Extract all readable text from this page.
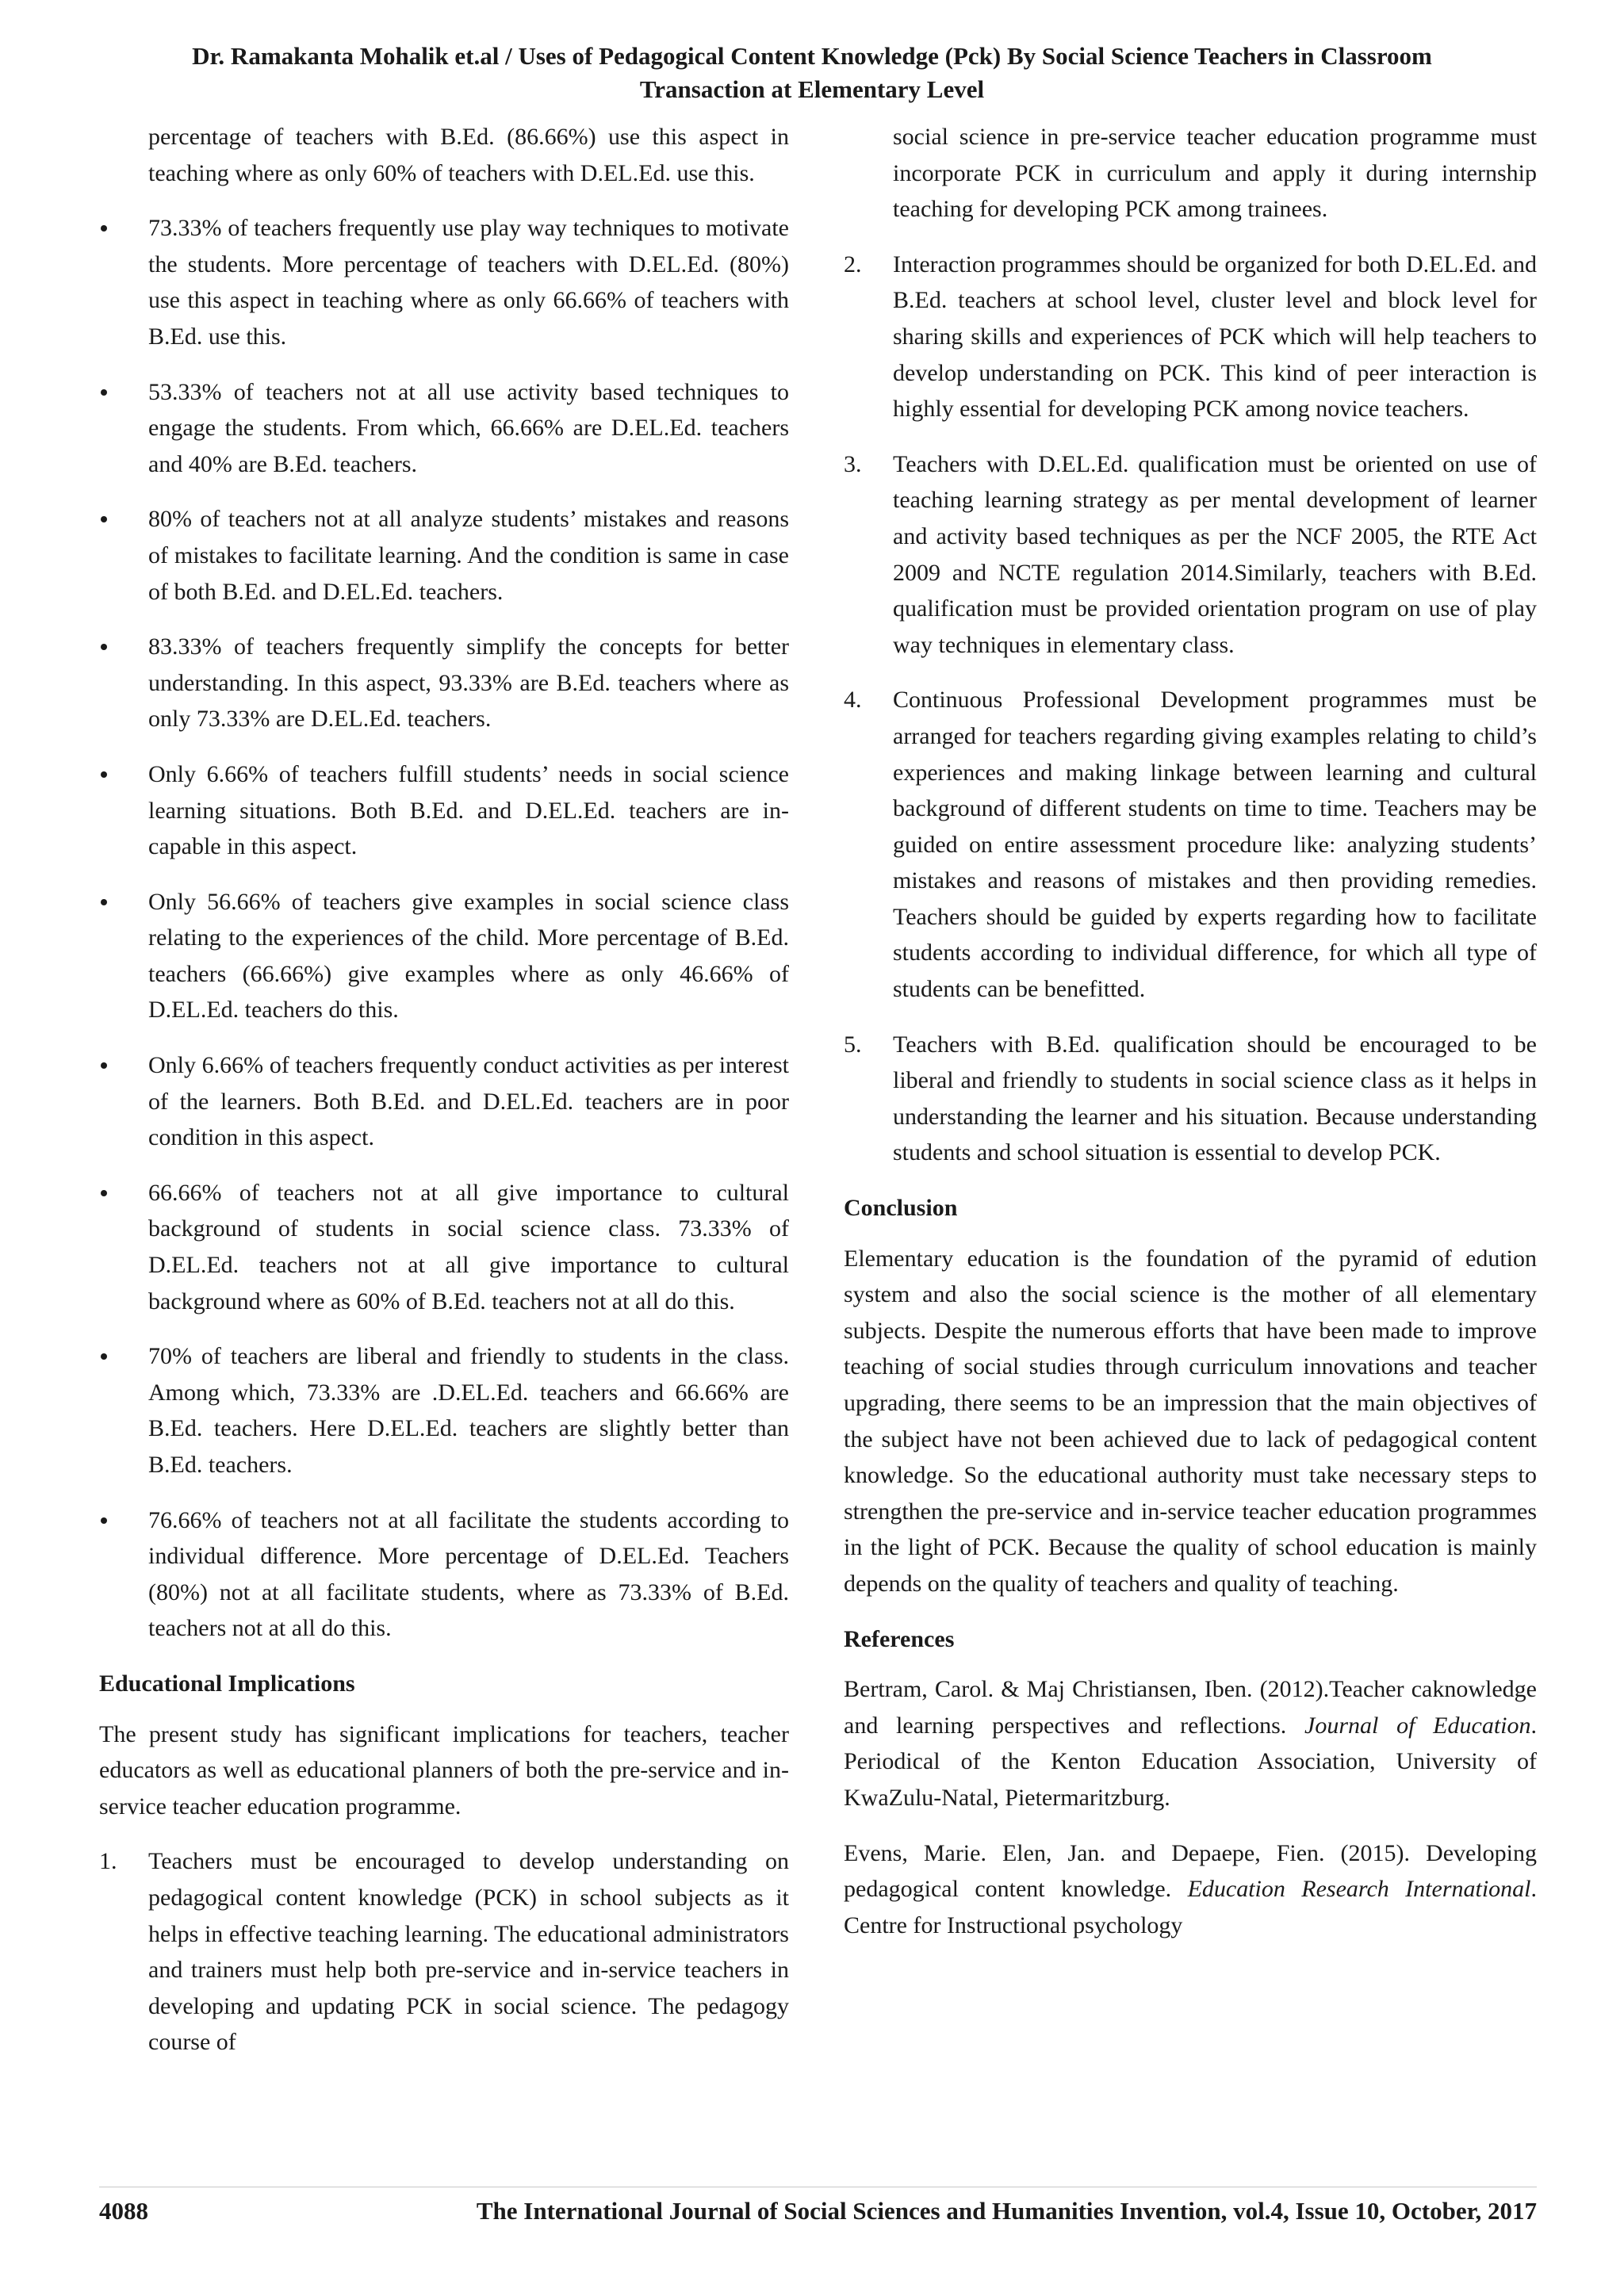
Dr. Ramakanta Mohalik et.al / Uses of Pedagogical Content Knowledge (Pck) By Social Science Teachers in Classroom
Transaction at Elementary Level

percentage of teachers with B.Ed. (86.66%) use this aspect in teaching where as only 60% of teachers with D.EL.Ed. use this.

73.33% of teachers frequently use play way techniques to motivate the students. More percentage of teachers with D.EL.Ed. (80%) use this aspect in teaching where as only 66.66% of teachers with B.Ed. use this.
53.33% of teachers not at all use activity based techniques to engage the students. From which, 66.66% are D.EL.Ed. teachers and 40% are B.Ed. teachers.
80% of teachers not at all analyze students’ mistakes and reasons of mistakes to facilitate learning. And the condition is same in case of both B.Ed. and D.EL.Ed. teachers.
83.33% of teachers frequently simplify the concepts for better understanding. In this aspect, 93.33% are B.Ed. teachers where as only 73.33% are D.EL.Ed. teachers.
Only 6.66% of teachers fulfill students’ needs in social science learning situations. Both B.Ed. and D.EL.Ed. teachers are in-capable in this aspect.
Only 56.66% of teachers give examples in social science class relating to the experiences of the child. More percentage of B.Ed. teachers (66.66%) give examples where as only 46.66% of D.EL.Ed. teachers do this.
Only 6.66% of teachers frequently conduct activities as per interest of the learners. Both B.Ed. and D.EL.Ed. teachers are in poor condition in this aspect.
66.66% of teachers not at all give importance to cultural background of students in social science class. 73.33% of D.EL.Ed. teachers not at all give importance to cultural background where as 60% of B.Ed. teachers not at all do this.
70% of teachers are liberal and friendly to students in the class. Among which, 73.33% are .D.EL.Ed. teachers and 66.66% are B.Ed. teachers. Here D.EL.Ed. teachers are slightly better than B.Ed. teachers.
76.66% of teachers not at all facilitate the students according to individual difference. More percentage of D.EL.Ed. Teachers (80%) not at all facilitate students, where as 73.33% of B.Ed. teachers not at all do this.
Educational Implications

The present study has significant implications for teachers, teacher educators as well as educational planners of both the pre-service and in-service teacher education programme.

1. Teachers must be encouraged to develop understanding on pedagogical content knowledge (PCK) in school subjects as it helps in effective teaching learning. The educational administrators and trainers must help both pre-service and in-service teachers in developing and updating PCK in social science. The pedagogy course of

social science in pre-service teacher education programme must incorporate PCK in curriculum and apply it during internship teaching for developing PCK among trainees.

2. Interaction programmes should be organized for both D.EL.Ed. and B.Ed. teachers at school level, cluster level and block level for sharing skills and experiences of PCK which will help teachers to develop understanding on PCK. This kind of peer interaction is highly essential for developing PCK among novice teachers.
3. Teachers with D.EL.Ed. qualification must be oriented on use of teaching learning strategy as per mental development of learner and activity based techniques as per the NCF 2005, the RTE Act 2009 and NCTE regulation 2014.Similarly, teachers with B.Ed. qualification must be provided orientation program on use of play way techniques in elementary class.
4. Continuous Professional Development programmes must be arranged for teachers regarding giving examples relating to child’s experiences and making linkage between learning and cultural background of different students on time to time. Teachers may be guided on entire assessment procedure like: analyzing students’ mistakes and reasons of mistakes and then providing remedies. Teachers should be guided by experts regarding how to facilitate students according to individual difference, for which all type of students can be benefitted.
5. Teachers with B.Ed. qualification should be encouraged to be liberal and friendly to students in social science class as it helps in understanding the learner and his situation. Because understanding students and school situation is essential to develop PCK.
Conclusion

Elementary education is the foundation of the pyramid of edution system and also the social science is the mother of all elementary subjects. Despite the numerous efforts that have been made to improve teaching of social studies through curriculum innovations and teacher upgrading, there seems to be an impression that the main objectives of the subject have not been achieved due to lack of pedagogical content knowledge. So the educational authority must take necessary steps to strengthen the pre-service and in-service teacher education programmes in the light of PCK. Because the quality of school education is mainly depends on the quality of teachers and quality of teaching.

References
Bertram, Carol. & Maj Christiansen, Iben. (2012).Teacher caknowledge and learning perspectives and reflections. Journal of Education. Periodical of the Kenton Education Association, University of KwaZulu-Natal, Pietermaritzburg.
Evens, Marie. Elen, Jan. and Depaepe, Fien. (2015). Developing pedagogical content knowledge. Education Research International. Centre for Instructional psychology
4088	The International Journal of Social Sciences and Humanities Invention, vol.4, Issue 10, October, 2017
